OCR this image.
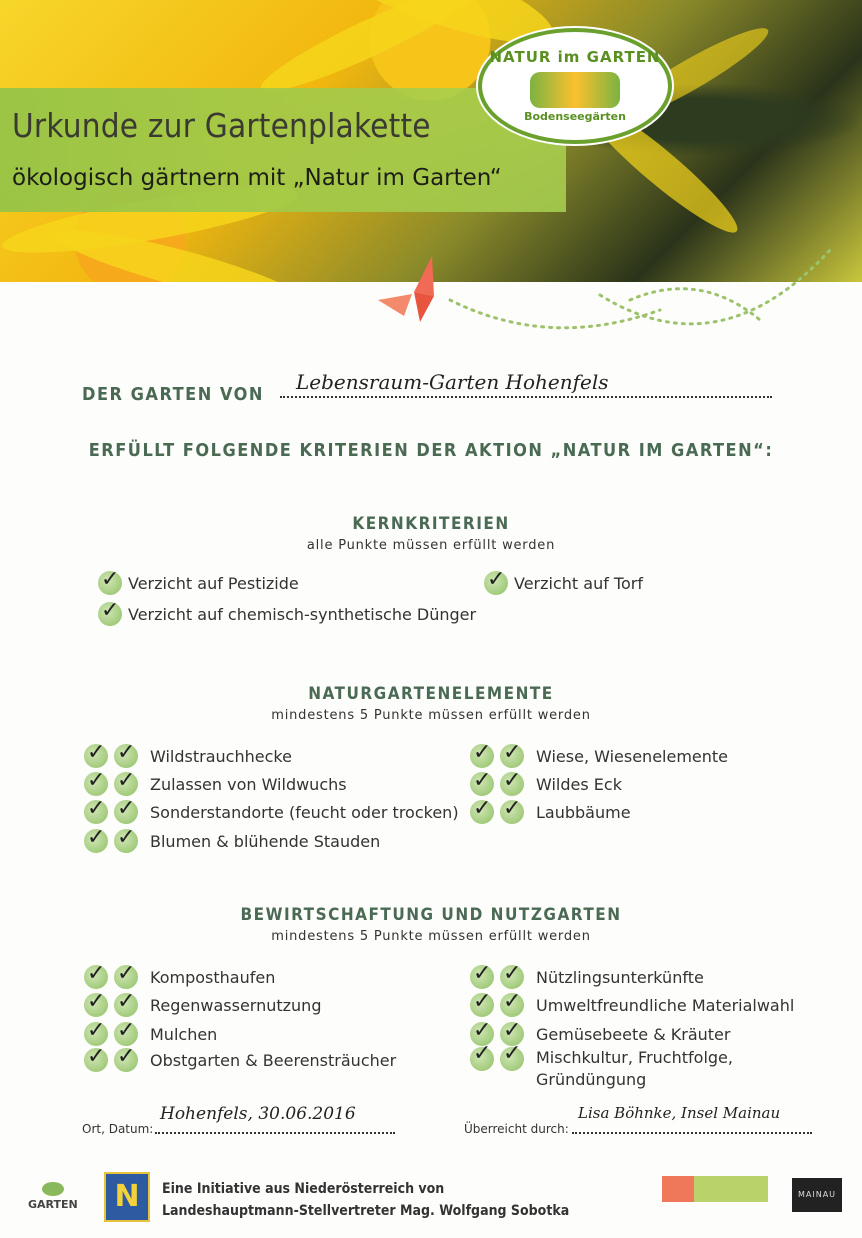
Urkunde zur Gartenplakette
ökologisch gärtnern mit „Natur im Garten“
NATUR im GARTEN
Bodenseegärten
DER GARTEN VON
Lebensraum-Garten Hohenfels
ERFÜLLT FOLGENDE KRITERIEN DER AKTION „NATUR IM GARTEN“:
KERNKRITERIEN
alle Punkte müssen erfüllt werden
✓
Verzicht auf Pestizide
✓
Verzicht auf chemisch-synthetische Dünger
✓
Verzicht auf Torf
NATURGARTENELEMENTE
mindestens 5 Punkte müssen erfüllt werden
✓
✓
Wildstrauchhecke
✓
✓
Zulassen von Wildwuchs
✓
✓
Sonderstandorte (feucht oder trocken)
✓
✓
Blumen & blühende Stauden
✓
✓
Wiese, Wiesenelemente
✓
✓
Wildes Eck
✓
✓
Laubbäume
BEWIRTSCHAFTUNG UND NUTZGARTEN
mindestens 5 Punkte müssen erfüllt werden
✓
✓
Komposthaufen
✓
✓
Regenwassernutzung
✓
✓
Mulchen
✓
✓
Obstgarten & Beerensträucher
✓
✓
Nützlingsunterkünfte
✓
✓
Umweltfreundliche Materialwahl
✓
✓
Gemüsebeete & Kräuter
✓
✓
Mischkultur, Fruchtfolge, Gründüngung
Ort, Datum:
Hohenfels, 30.06.2016
Überreicht durch:
Lisa Böhnke, Insel Mainau
GARTEN	N	Eine Initiative aus Niederösterreich von
Landeshauptmann-Stellvertreter Mag. Wolfgang Sobotka
MAINAU
